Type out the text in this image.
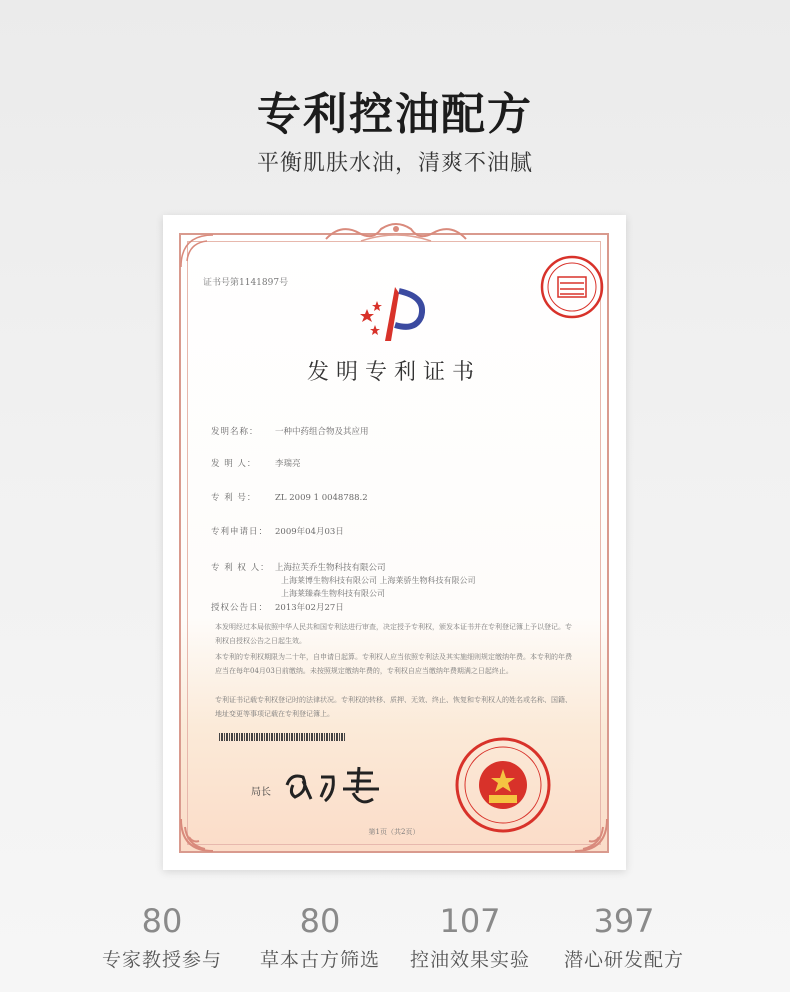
专利控油配方
平衡肌肤水油，清爽不油腻
证书号第1141897号
发明专利证书
发明名称： 一种中药组合物及其应用
发 明 人： 李瑞亮
专 利 号： ZL 2009 1 0048788.2
专利申请日： 2009年04月03日
专 利 权 人： 上海拉芙乔生物科技有限公司
上海莱博生物科技有限公司 上海莱骄生物科技有限公司
上海莱臻森生物科技有限公司
授权公告日： 2013年02月27日
本发明经过本局依照中华人民共和国专利法进行审查，决定授予专利权，颁发本证书并在专利登记簿上予以登记。专利权自授权公告之日起生效。
本专利的专利权期限为二十年，自申请日起算。专利权人应当依照专利法及其实施细则规定缴纳年费。本专利的年费应当在每年04月03日前缴纳。未按照规定缴纳年费的，专利权自应当缴纳年费期满之日起终止。
专利证书记载专利权登记时的法律状况。专利权的转移、质押、无效、终止、恢复和专利权人的姓名或名称、国籍、地址变更等事项记载在专利登记簿上。
局长
第1页（共2页）
80
专家教授参与
80
草本古方筛选
107
控油效果实验
397
潜心研发配方
